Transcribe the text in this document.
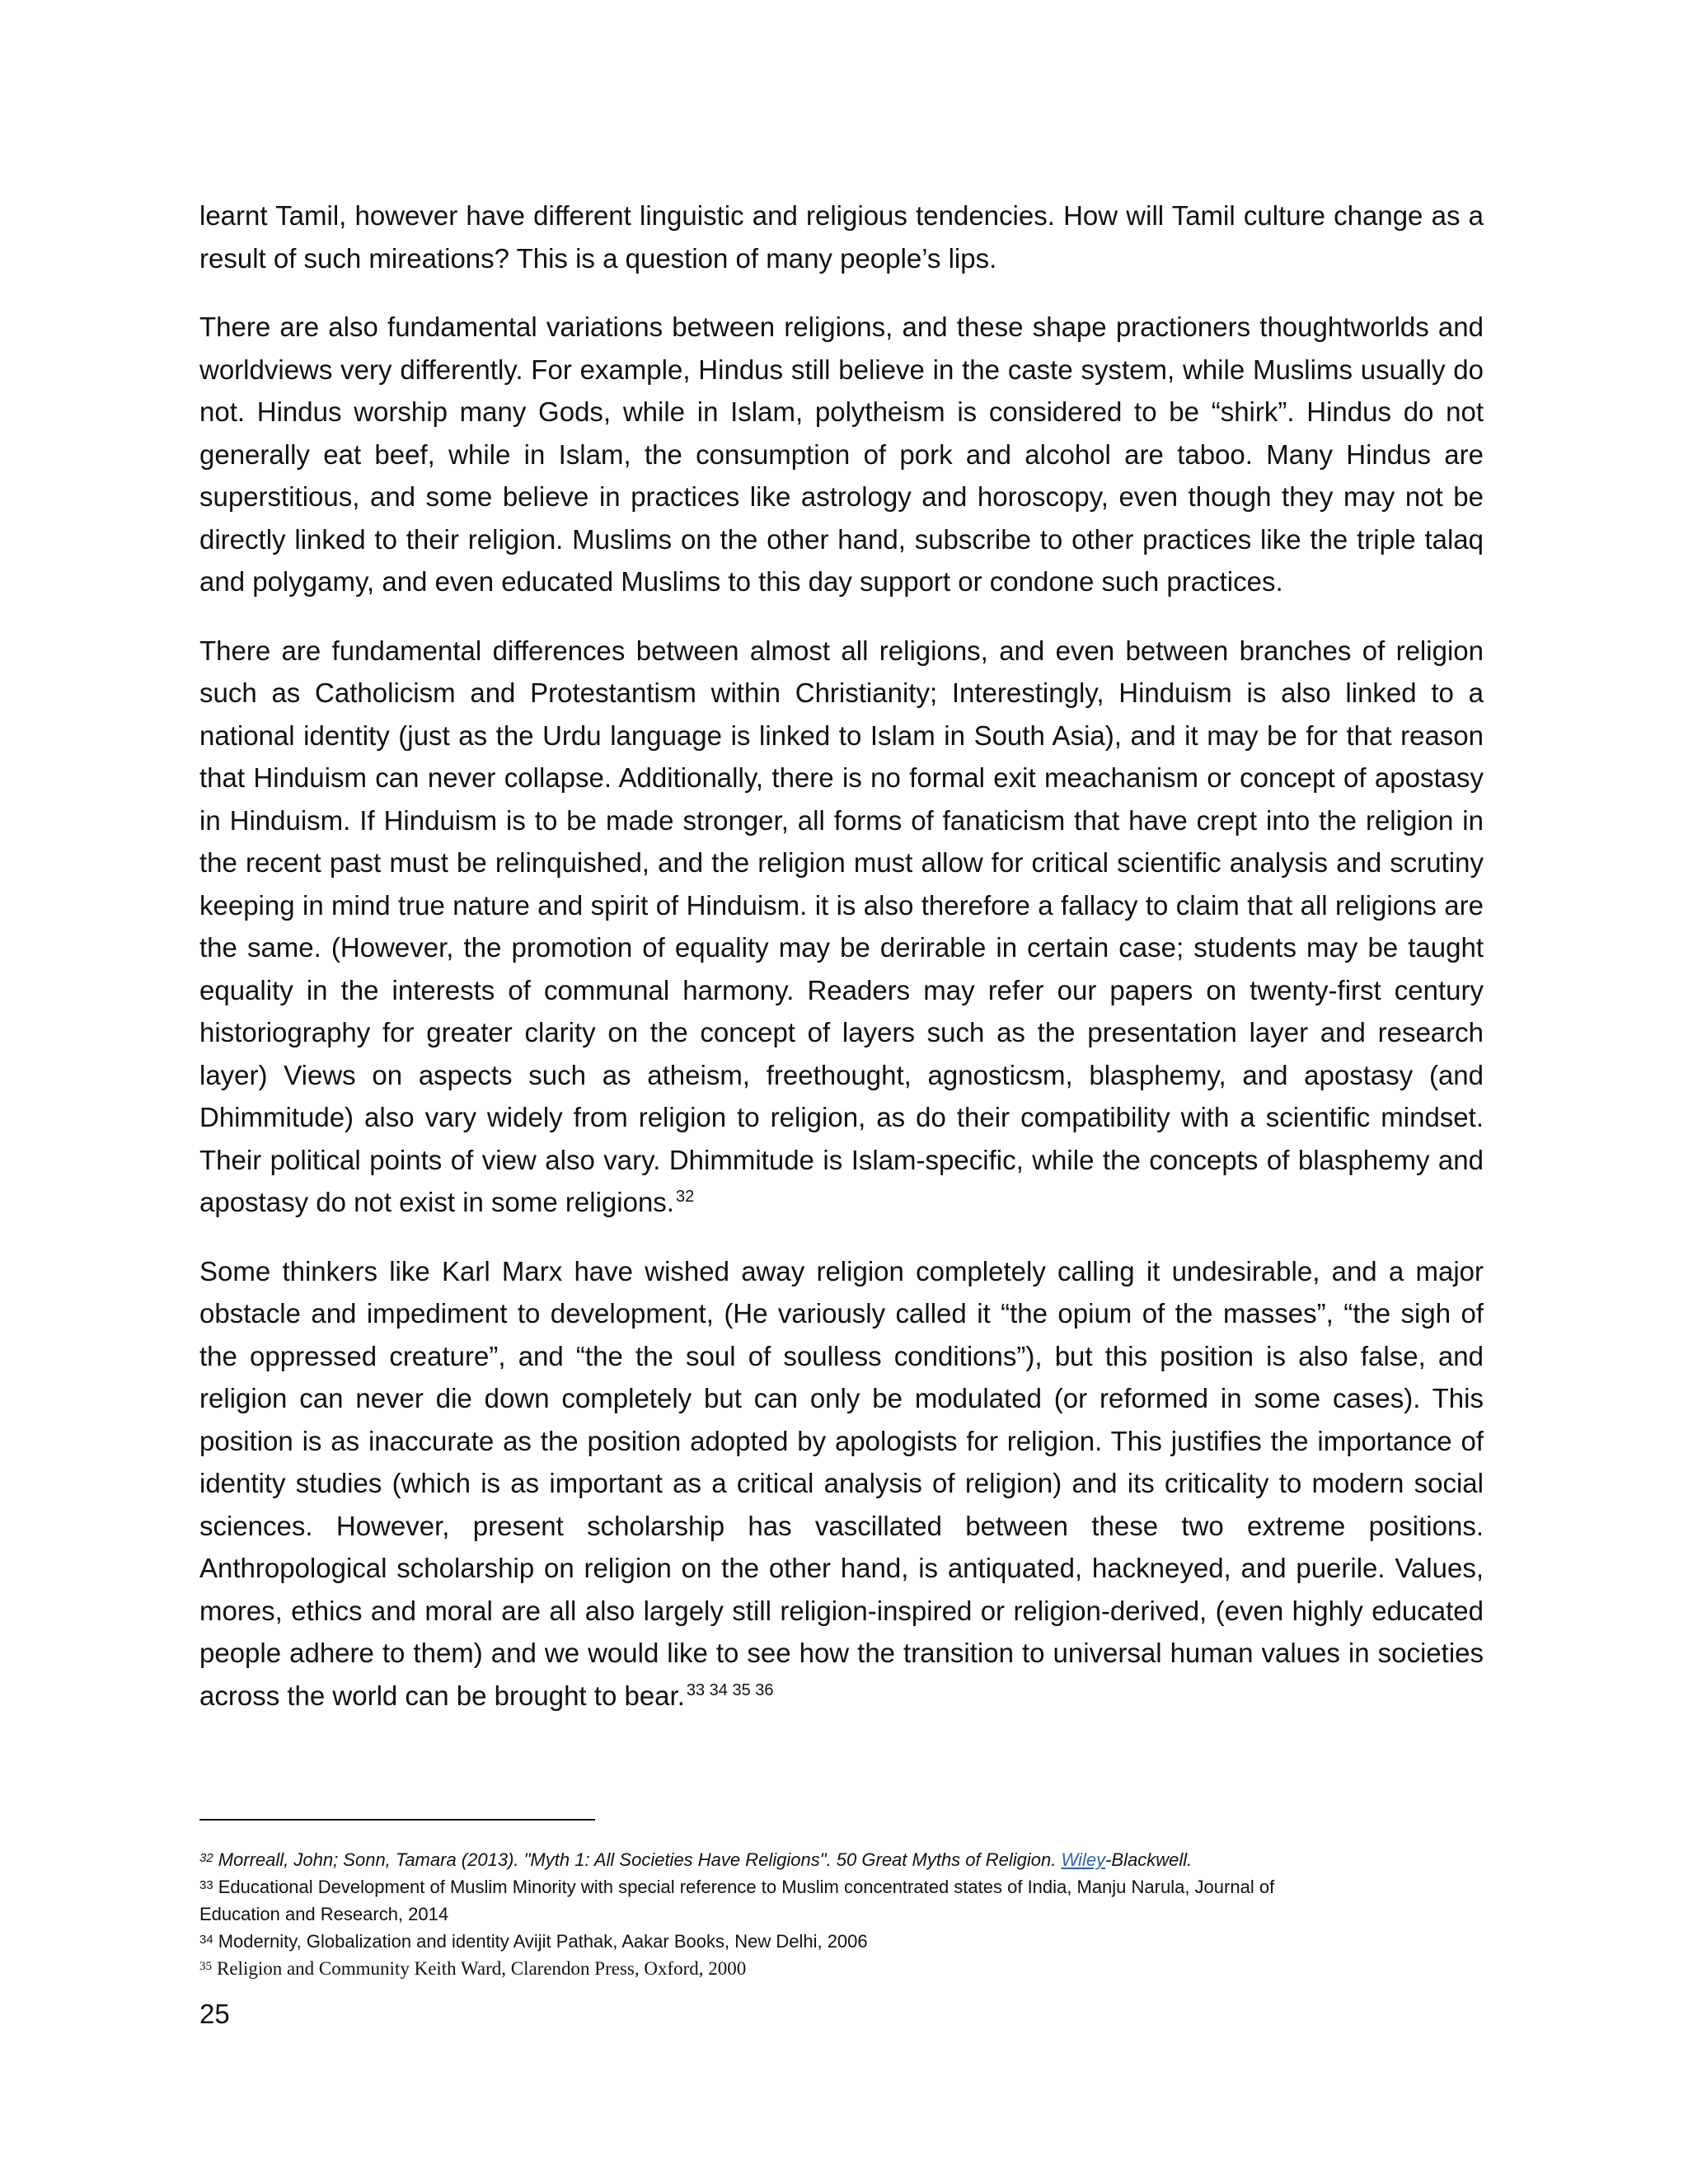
learnt Tamil, however have different linguistic and religious tendencies. How will Tamil culture change as a result of such mireations? This is a question of many people’s lips.

There are also fundamental variations between religions, and these shape practioners thoughtworlds and worldviews very differently. For example, Hindus still believe in the caste system, while Muslims usually do not. Hindus worship many Gods, while in Islam, polytheism is considered to be “shirk”. Hindus do not generally eat beef, while in Islam, the consumption of pork and alcohol are taboo. Many Hindus are superstitious, and some believe in practices like astrology and horoscopy, even though they may not be directly linked to their religion. Muslims on the other hand, subscribe to other practices like the triple talaq and polygamy, and even educated Muslims to this day support or condone such practices.

There are fundamental differences between almost all religions, and even between branches of religion such as Catholicism and Protestantism within Christianity; Interestingly, Hinduism is also linked to a national identity (just as the Urdu language is linked to Islam in South Asia), and it may be for that reason that Hinduism can never collapse. Additionally, there is no formal exit meachanism or concept of apostasy in Hinduism. If Hinduism is to be made stronger, all forms of fanaticism that have crept into the religion in the recent past must be relinquished, and the religion must allow for critical scientific analysis and scrutiny keeping in mind true nature and spirit of Hinduism. it is also therefore a fallacy to claim that all religions are the same. (However, the promotion of equality may be derirable in certain case; students may be taught equality in the interests of communal harmony. Readers may refer our papers on twenty-first century historiography for greater clarity on the concept of layers such as the presentation layer and research layer) Views on aspects such as atheism, freethought, agnosticsm, blasphemy, and apostasy (and Dhimmitude) also vary widely from religion to religion, as do their compatibility with a scientific mindset. Their political points of view also vary. Dhimmitude is Islam-specific, while the concepts of blasphemy and apostasy do not exist in some religions. $^{32}$

Some thinkers like Karl Marx have wished away religion completely calling it undesirable, and a major obstacle and impediment to development, (He variously called it “the opium of the masses”, “the sigh of the oppressed creature”, and “the the soul of soulless conditions”), but this position is also false, and religion can never die down completely but can only be modulated (or reformed in some cases). This position is as inaccurate as the position adopted by apologists for religion. This justifies the importance of identity studies (which is as important as a critical analysis of religion) and its criticality to modern social sciences. However, present scholarship has vascillated between these two extreme positions. Anthropological scholarship on religion on the other hand, is antiquated, hackneyed, and puerile. Values, mores, ethics and moral are all also largely still religion-inspired or religion-derived, (even highly educated people adhere to them) and we would like to see how the transition to universal human values in societies across the world can be brought to bear. $^{33 34 35 36}$

$^{32}$ Morreall, John; Sonn, Tamara (2013). "Myth 1: All Societies Have Religions". 50 Great Myths of Religion. Wiley-Blackwell.

$^{33}$ Educational Development of Muslim Minority with special reference to Muslim concentrated states of India, Manju Narula, Journal of
Education and Research, 2014

$^{34}$ Modernity, Globalization and identity Avijit Pathak, Aakar Books, New Delhi, 2006

$^{35}$ Religion and Community Keith Ward, Clarendon Press, Oxford, 2000

25
